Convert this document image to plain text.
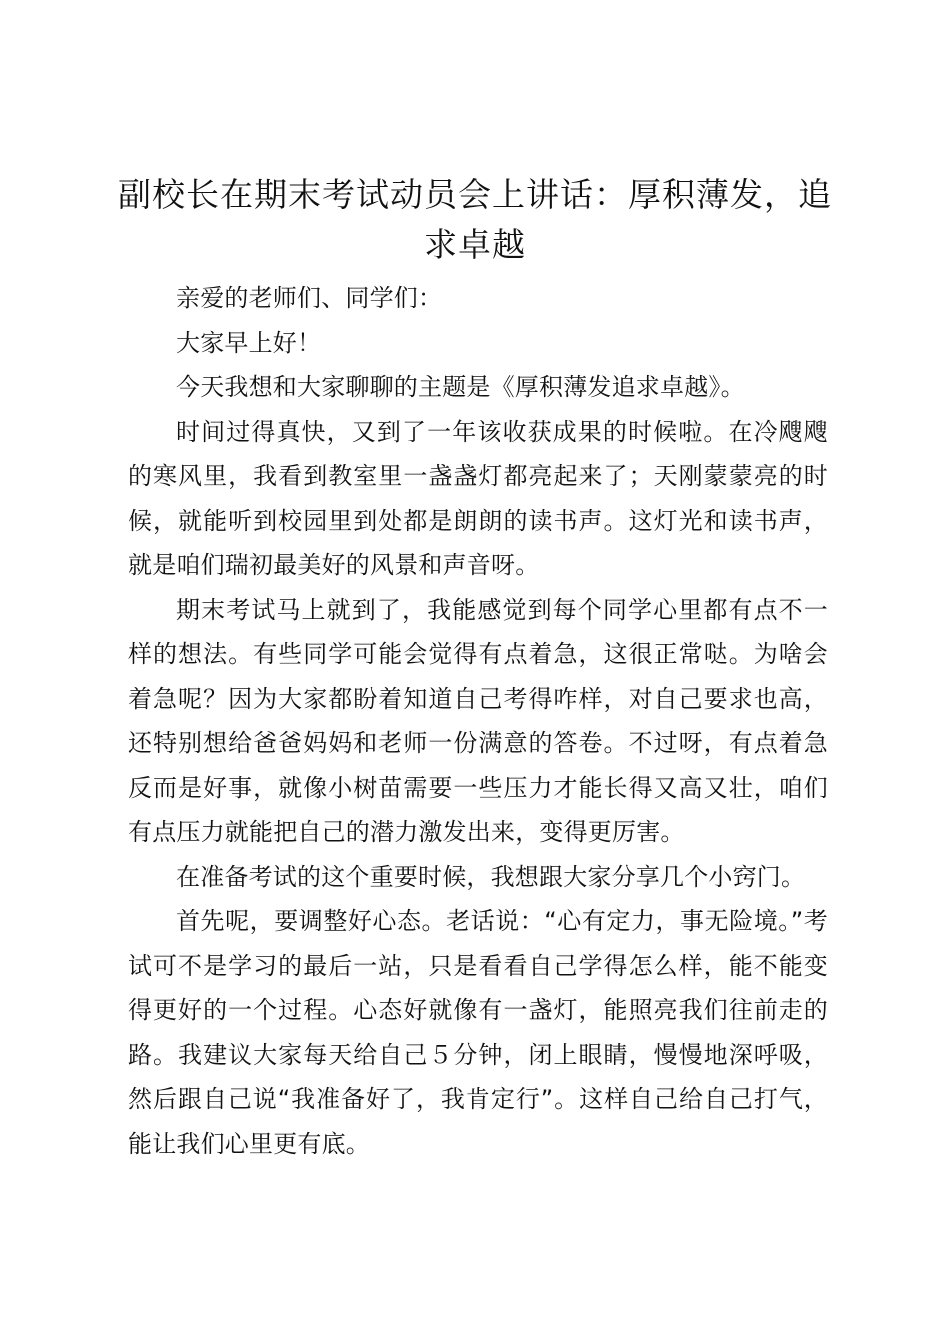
副校长在期末考试动员会上讲话：厚积薄发，追求卓越

亲爱的老师们、同学们：

大家早上好！

今天我想和大家聊聊的主题是《厚积薄发追求卓越》。

时间过得真快，又到了一年该收获成果的时候啦。在冷飕飕的寒风里，我看到教室里一盏盏灯都亮起来了；天刚蒙蒙亮的时候，就能听到校园里到处都是朗朗的读书声。这灯光和读书声，就是咱们瑞初最美好的风景和声音呀。

期末考试马上就到了，我能感觉到每个同学心里都有点不一样的想法。有些同学可能会觉得有点着急，这很正常哒。为啥会着急呢？因为大家都盼着知道自己考得咋样，对自己要求也高，还特别想给爸爸妈妈和老师一份满意的答卷。不过呀，有点着急反而是好事，就像小树苗需要一些压力才能长得又高又壮，咱们有点压力就能把自己的潜力激发出来，变得更厉害。

在准备考试的这个重要时候，我想跟大家分享几个小窍门。

首先呢，要调整好心态。老话说：“心有定力，事无险境。”考试可不是学习的最后一站，只是看看自己学得怎么样，能不能变得更好的一个过程。心态好就像有一盏灯，能照亮我们往前走的路。我建议大家每天给自己５分钟，闭上眼睛，慢慢地深呼吸，然后跟自己说“我准备好了，我肯定行”。这样自己给自己打气，能让我们心里更有底。
